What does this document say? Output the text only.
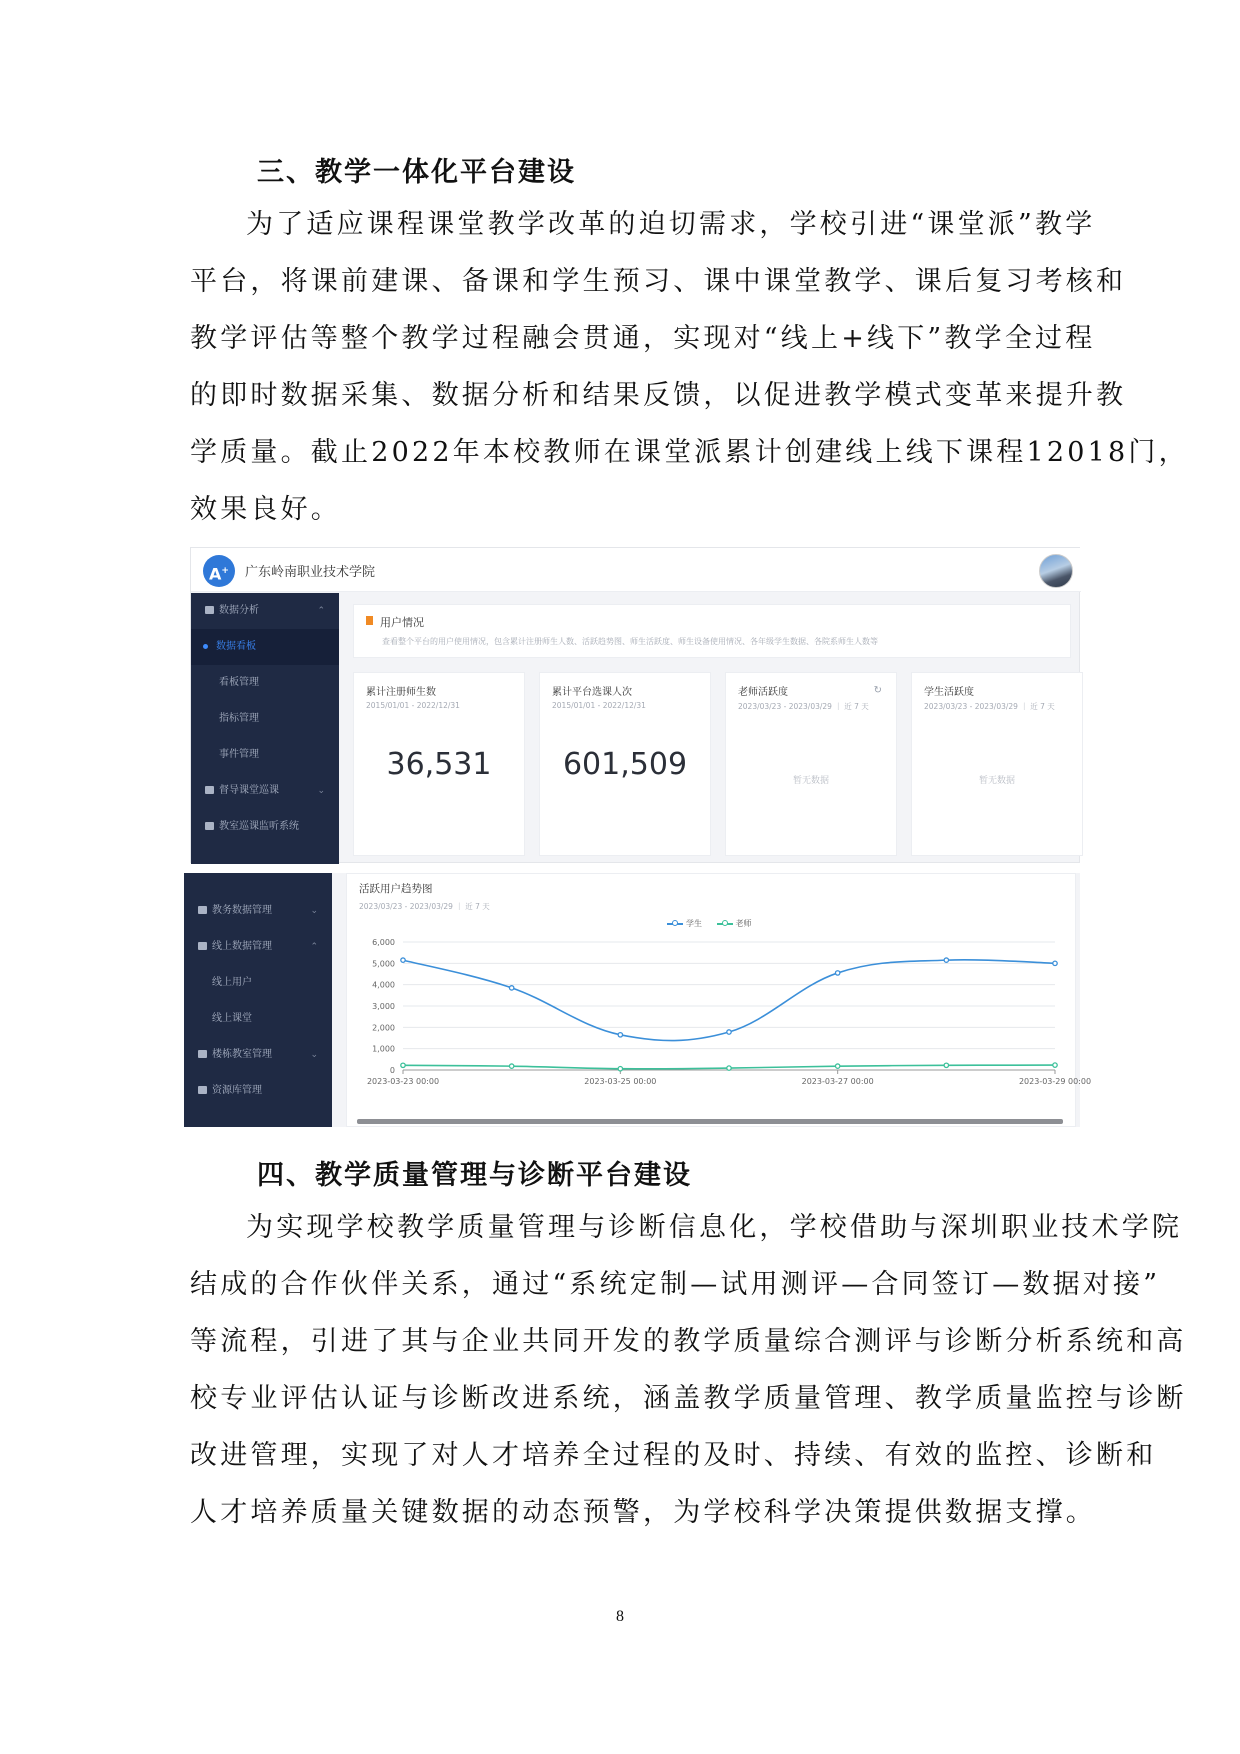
三、教学一体化平台建设
为了适应课程课堂教学改革的迫切需求，学校引进“课堂派”教学
平台，将课前建课、备课和学生预习、课中课堂教学、课后复习考核和
教学评估等整个教学过程融会贯通，实现对“线上+线下”教学全过程
的即时数据采集、数据分析和结果反馈，以促进教学模式变革来提升教
学质量。截止2022年本校教师在课堂派累计创建线上线下课程12018门，
效果良好。
A+	广东岭南职业技术学院
数据分析	⌃
数据看板
看板管理
指标管理
事件管理
督导课堂巡课	⌄
教室巡课监听系统
用户情况
查看整个平台的用户使用情况，包含累计注册师生人数、活跃趋势图、师生活跃度、师生设备使用情况、各年级学生数据、各院系师生人数等
累计注册师生数
2015/01/01 - 2022/12/31
36,531
累计平台选课人次
2015/01/01 - 2022/12/31
601,509
老师活跃度
2023/03/23 - 2023/03/29 ｜ 近 7 天
↻
暂无数据
学生活跃度
2023/03/23 - 2023/03/29 ｜ 近 7 天
暂无数据
教务数据管理	⌄
线上数据管理	⌃
线上用户
线上课堂
楼栋教室管理	⌄
资源库管理
活跃用户趋势图
2023/03/23 - 2023/03/29 ｜ 近 7 天
学生	老师
0
1,000
2,000
3,000
4,000
5,000
6,000
2023-03-23 00:00	2023-03-25 00:00	2023-03-27 00:00	2023-03-29 00:00
四、教学质量管理与诊断平台建设
为实现学校教学质量管理与诊断信息化，学校借助与深圳职业技术学院
结成的合作伙伴关系，通过“系统定制—试用测评—合同签订—数据对接”
等流程，引进了其与企业共同开发的教学质量综合测评与诊断分析系统和高
校专业评估认证与诊断改进系统，涵盖教学质量管理、教学质量监控与诊断
改进管理，实现了对人才培养全过程的及时、持续、有效的监控、诊断和
人才培养质量关键数据的动态预警，为学校科学决策提供数据支撑。
8
